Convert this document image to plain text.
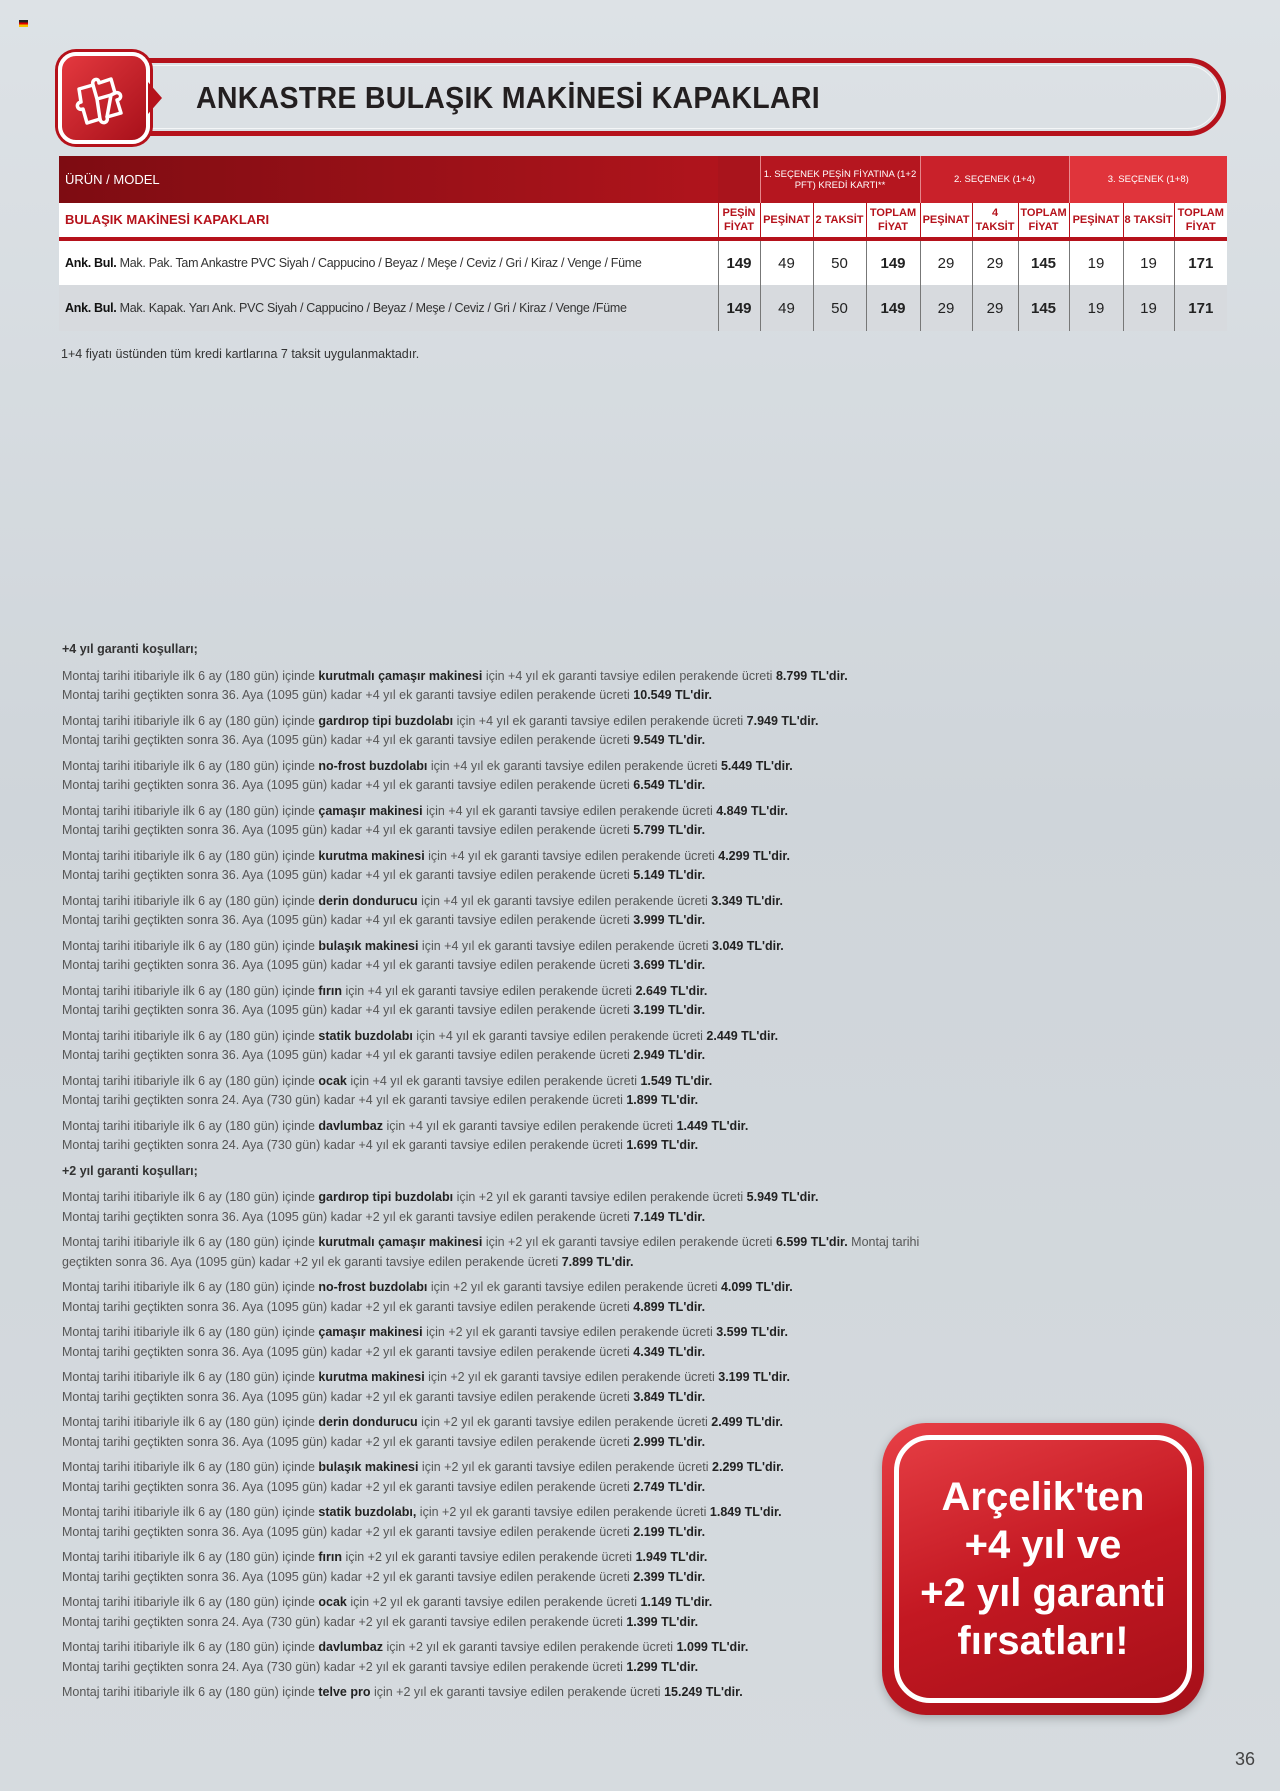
ANKASTRE BULAŞIK MAKİNESİ KAPAKLARI
ÜRÜN / MODEL		1. SEÇENEK PEŞİN FİYATINA (1+2 PFT) KREDİ KARTI**			2. SEÇENEK (1+4)			3. SEÇENEK (1+8)		
BULAŞIK MAKİNESİ KAPAKLARI	PEŞİN FİYAT	PEŞİNAT	2 TAKSİT	TOPLAM FİYAT	PEŞİNAT	4 TAKSİT	TOPLAM FİYAT	PEŞİNAT	8 TAKSİT	TOPLAM FİYAT
Ank. Bul. Mak. Pak. Tam Ankastre PVC Siyah / Cappucino / Beyaz / Meşe / Ceviz / Gri / Kiraz / Venge / Füme	149	49	50	149	29	29	145	19	19	171
Ank. Bul. Mak. Kapak. Yarı Ank. PVC Siyah / Cappucino / Beyaz / Meşe / Ceviz / Gri / Kiraz / Venge /Füme	149	49	50	149	29	29	145	19	19	171
1+4 fiyatı üstünden tüm kredi kartlarına 7 taksit uygulanmaktadır.
+4 yıl garanti koşulları;
Montaj tarihi itibariyle ilk 6 ay (180 gün) içinde kurutmalı çamaşır makinesi için +4 yıl ek garanti tavsiye edilen perakende ücreti 8.799 TL'dir.
Montaj tarihi geçtikten sonra 36. Aya (1095 gün) kadar +4 yıl ek garanti tavsiye edilen perakende ücreti 10.549 TL'dir.
Montaj tarihi itibariyle ilk 6 ay (180 gün) içinde gardırop tipi buzdolabı için +4 yıl ek garanti tavsiye edilen perakende ücreti 7.949 TL'dir.
Montaj tarihi geçtikten sonra 36. Aya (1095 gün) kadar +4 yıl ek garanti tavsiye edilen perakende ücreti 9.549 TL'dir.
Montaj tarihi itibariyle ilk 6 ay (180 gün) içinde no-frost buzdolabı için +4 yıl ek garanti tavsiye edilen perakende ücreti 5.449 TL'dir.
Montaj tarihi geçtikten sonra 36. Aya (1095 gün) kadar +4 yıl ek garanti tavsiye edilen perakende ücreti 6.549 TL'dir.
Montaj tarihi itibariyle ilk 6 ay (180 gün) içinde çamaşır makinesi için +4 yıl ek garanti tavsiye edilen perakende ücreti 4.849 TL'dir.
Montaj tarihi geçtikten sonra 36. Aya (1095 gün) kadar +4 yıl ek garanti tavsiye edilen perakende ücreti 5.799 TL'dir.
Montaj tarihi itibariyle ilk 6 ay (180 gün) içinde kurutma makinesi için +4 yıl ek garanti tavsiye edilen perakende ücreti 4.299 TL'dir.
Montaj tarihi geçtikten sonra 36. Aya (1095 gün) kadar +4 yıl ek garanti tavsiye edilen perakende ücreti 5.149 TL'dir.
Montaj tarihi itibariyle ilk 6 ay (180 gün) içinde derin dondurucu için +4 yıl ek garanti tavsiye edilen perakende ücreti 3.349 TL'dir.
Montaj tarihi geçtikten sonra 36. Aya (1095 gün) kadar +4 yıl ek garanti tavsiye edilen perakende ücreti 3.999 TL'dir.
Montaj tarihi itibariyle ilk 6 ay (180 gün) içinde bulaşık makinesi için +4 yıl ek garanti tavsiye edilen perakende ücreti 3.049 TL'dir.
Montaj tarihi geçtikten sonra 36. Aya (1095 gün) kadar +4 yıl ek garanti tavsiye edilen perakende ücreti 3.699 TL'dir.
Montaj tarihi itibariyle ilk 6 ay (180 gün) içinde fırın için +4 yıl ek garanti tavsiye edilen perakende ücreti 2.649 TL'dir.
Montaj tarihi geçtikten sonra 36. Aya (1095 gün) kadar +4 yıl ek garanti tavsiye edilen perakende ücreti 3.199 TL'dir.
Montaj tarihi itibariyle ilk 6 ay (180 gün) içinde statik buzdolabı için +4 yıl ek garanti tavsiye edilen perakende ücreti 2.449 TL'dir.
Montaj tarihi geçtikten sonra 36. Aya (1095 gün) kadar +4 yıl ek garanti tavsiye edilen perakende ücreti 2.949 TL'dir.
Montaj tarihi itibariyle ilk 6 ay (180 gün) içinde ocak için +4 yıl ek garanti tavsiye edilen perakende ücreti 1.549 TL'dir.
Montaj tarihi geçtikten sonra 24. Aya (730 gün) kadar +4 yıl ek garanti tavsiye edilen perakende ücreti 1.899 TL'dir.
Montaj tarihi itibariyle ilk 6 ay (180 gün) içinde davlumbaz için +4 yıl ek garanti tavsiye edilen perakende ücreti 1.449 TL'dir.
Montaj tarihi geçtikten sonra 24. Aya (730 gün) kadar +4 yıl ek garanti tavsiye edilen perakende ücreti 1.699 TL'dir.
+2 yıl garanti koşulları;
Montaj tarihi itibariyle ilk 6 ay (180 gün) içinde gardırop tipi buzdolabı için +2 yıl ek garanti tavsiye edilen perakende ücreti 5.949 TL'dir.
Montaj tarihi geçtikten sonra 36. Aya (1095 gün) kadar +2 yıl ek garanti tavsiye edilen perakende ücreti 7.149 TL'dir.
Montaj tarihi itibariyle ilk 6 ay (180 gün) içinde kurutmalı çamaşır makinesi için +2 yıl ek garanti tavsiye edilen perakende ücreti 6.599 TL'dir. Montaj tarihi geçtikten sonra 36. Aya (1095 gün) kadar +2 yıl ek garanti tavsiye edilen perakende ücreti 7.899 TL'dir.
Montaj tarihi itibariyle ilk 6 ay (180 gün) içinde no-frost buzdolabı için +2 yıl ek garanti tavsiye edilen perakende ücreti 4.099 TL'dir.
Montaj tarihi geçtikten sonra 36. Aya (1095 gün) kadar +2 yıl ek garanti tavsiye edilen perakende ücreti 4.899 TL'dir.
Montaj tarihi itibariyle ilk 6 ay (180 gün) içinde çamaşır makinesi için +2 yıl ek garanti tavsiye edilen perakende ücreti 3.599 TL'dir.
Montaj tarihi geçtikten sonra 36. Aya (1095 gün) kadar +2 yıl ek garanti tavsiye edilen perakende ücreti 4.349 TL'dir.
Montaj tarihi itibariyle ilk 6 ay (180 gün) içinde kurutma makinesi için +2 yıl ek garanti tavsiye edilen perakende ücreti 3.199 TL'dir.
Montaj tarihi geçtikten sonra 36. Aya (1095 gün) kadar +2 yıl ek garanti tavsiye edilen perakende ücreti 3.849 TL'dir.
Montaj tarihi itibariyle ilk 6 ay (180 gün) içinde derin dondurucu için +2 yıl ek garanti tavsiye edilen perakende ücreti 2.499 TL'dir.
Montaj tarihi geçtikten sonra 36. Aya (1095 gün) kadar +2 yıl ek garanti tavsiye edilen perakende ücreti 2.999 TL'dir.
Montaj tarihi itibariyle ilk 6 ay (180 gün) içinde bulaşık makinesi için +2 yıl ek garanti tavsiye edilen perakende ücreti 2.299 TL'dir.
Montaj tarihi geçtikten sonra 36. Aya (1095 gün) kadar +2 yıl ek garanti tavsiye edilen perakende ücreti 2.749 TL'dir.
Montaj tarihi itibariyle ilk 6 ay (180 gün) içinde statik buzdolabı, için +2 yıl ek garanti tavsiye edilen perakende ücreti 1.849 TL'dir.
Montaj tarihi geçtikten sonra 36. Aya (1095 gün) kadar +2 yıl ek garanti tavsiye edilen perakende ücreti 2.199 TL'dir.
Montaj tarihi itibariyle ilk 6 ay (180 gün) içinde fırın için +2 yıl ek garanti tavsiye edilen perakende ücreti 1.949 TL'dir.
Montaj tarihi geçtikten sonra 36. Aya (1095 gün) kadar +2 yıl ek garanti tavsiye edilen perakende ücreti 2.399 TL'dir.
Montaj tarihi itibariyle ilk 6 ay (180 gün) içinde ocak için +2 yıl ek garanti tavsiye edilen perakende ücreti 1.149 TL'dir.
Montaj tarihi geçtikten sonra 24. Aya (730 gün) kadar +2 yıl ek garanti tavsiye edilen perakende ücreti 1.399 TL'dir.
Montaj tarihi itibariyle ilk 6 ay (180 gün) içinde davlumbaz için +2 yıl ek garanti tavsiye edilen perakende ücreti 1.099 TL'dir.
Montaj tarihi geçtikten sonra 24. Aya (730 gün) kadar +2 yıl ek garanti tavsiye edilen perakende ücreti 1.299 TL'dir.
Montaj tarihi itibariyle ilk 6 ay (180 gün) içinde telve pro için +2 yıl ek garanti tavsiye edilen perakende ücreti 15.249 TL'dir.
Arçelik'ten
+4 yıl ve
+2 yıl garanti
fırsatları!
36
